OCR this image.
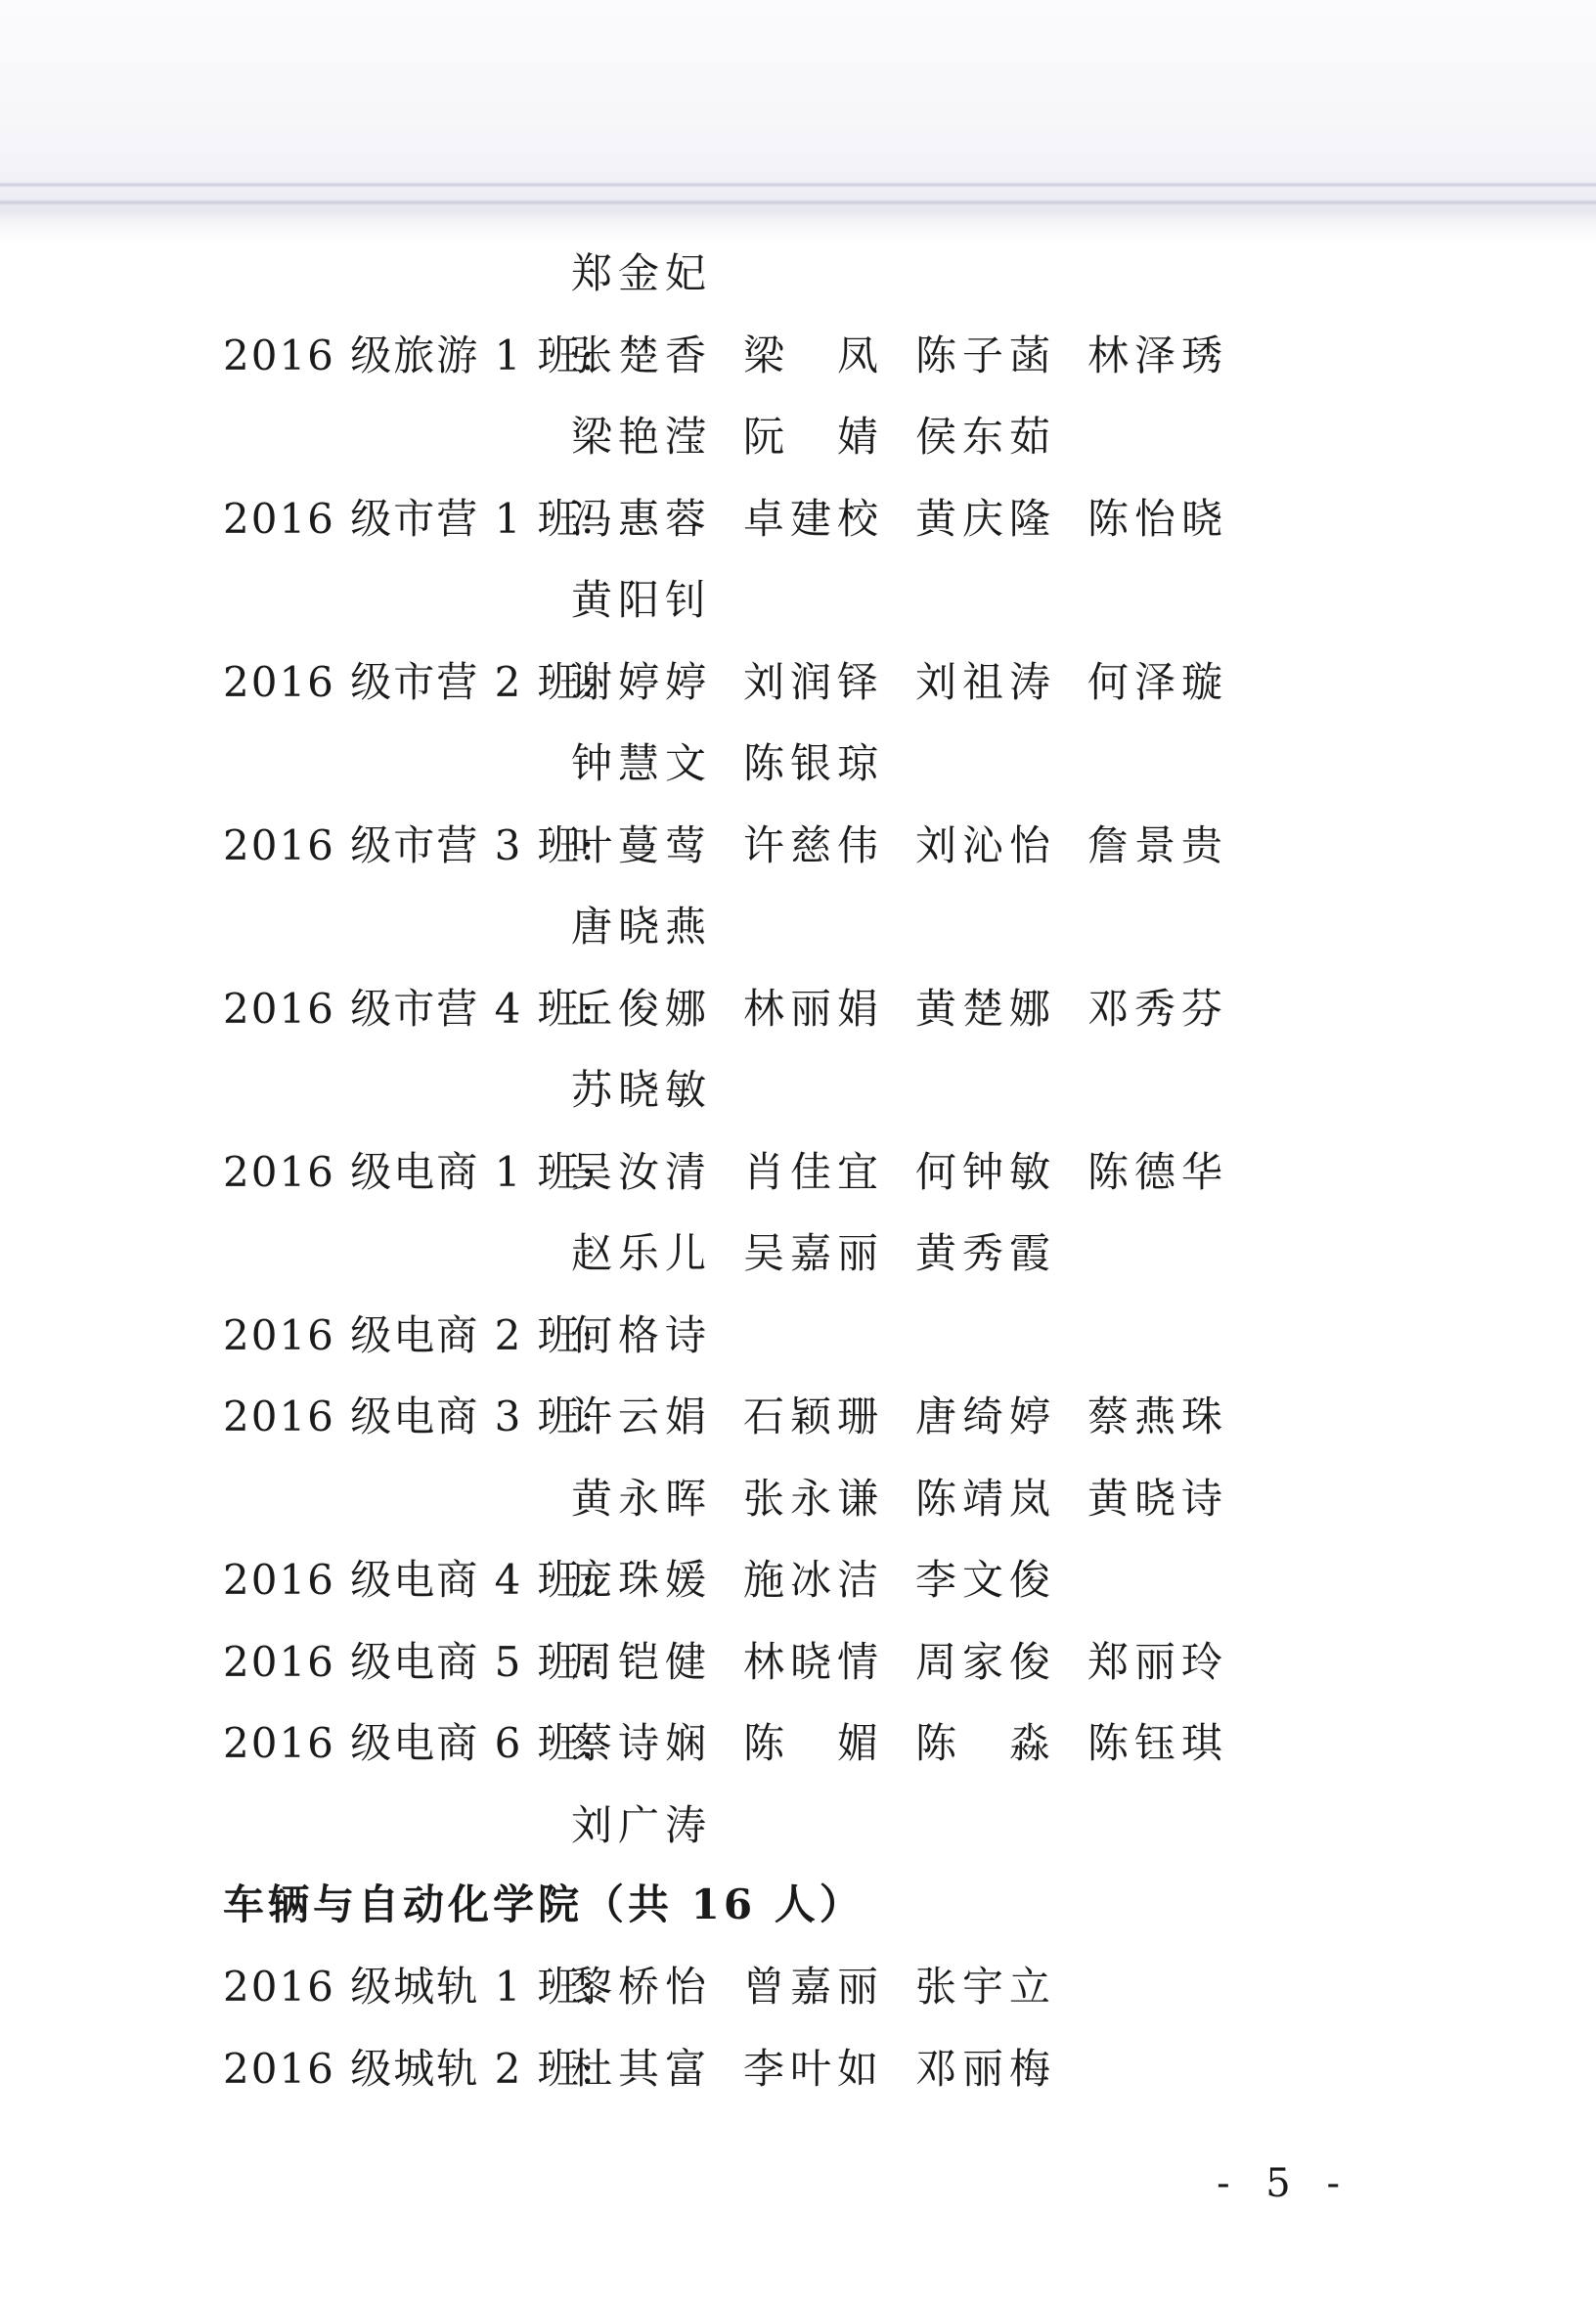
车辆与自动化学院（共 16 人）
- 5 -
郑金妃
2016 级旅游 1 班:
张楚香 梁　凤 陈子菡 林泽琇
梁艳滢 阮　婧 侯东茹
2016 级市营 1 班:
冯惠蓉 卓建校 黄庆隆 陈怡晓
黄阳钊
2016 级市营 2 班:
谢婷婷 刘润铎 刘祖涛 何泽璇
钟慧文 陈银琼
2016 级市营 3 班:
叶蔓莺 许慈伟 刘沁怡 詹景贵
唐晓燕
2016 级市营 4 班:
丘俊娜 林丽娟 黄楚娜 邓秀芬
苏晓敏
2016 级电商 1 班:
吴汝清 肖佳宜 何钟敏 陈德华
赵乐儿 吴嘉丽 黄秀霞
2016 级电商 2 班:
何格诗
2016 级电商 3 班:
许云娟 石颖珊 唐绮婷 蔡燕珠
黄永晖 张永谦 陈靖岚 黄晓诗
2016 级电商 4 班:
庞珠媛 施冰洁 李文俊
2016 级电商 5 班:
周铠健 林晓情 周家俊 郑丽玲
2016 级电商 6 班:
蔡诗娴 陈　媚 陈　淼 陈钰琪
刘广涛
2016 级城轨 1 班:
黎桥怡 曾嘉丽 张宇立
2016 级城轨 2 班:
杜其富 李叶如 邓丽梅
